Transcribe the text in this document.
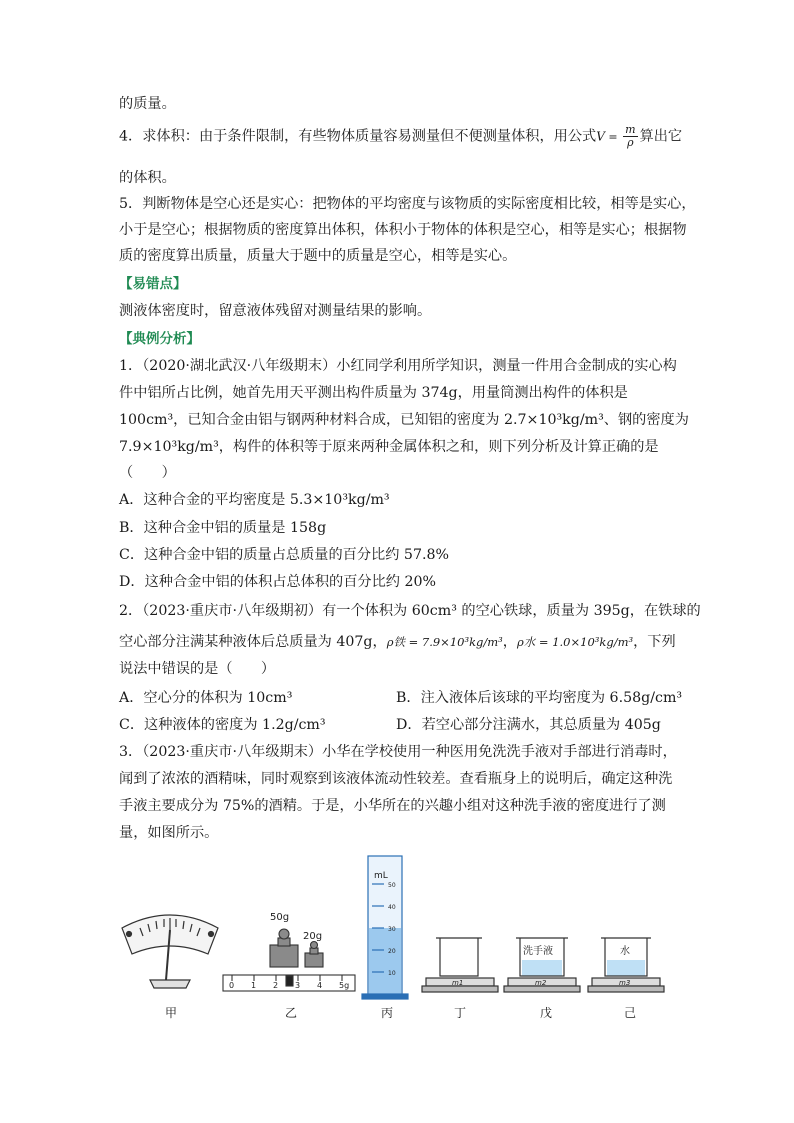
的质量。
4．求体积：由于条件限制，有些物体质量容易测量但不便测量体积，用公式$V = \frac{m}{\rho}$ 算出它
的体积。
5．判断物体是空心还是实心：把物体的平均密度与该物质的实际密度相比较，相等是实心，
小于是空心；根据物质的密度算出体积，体积小于物体的体积是空心，相等是实心；根据物
质的密度算出质量，质量大于题中的质量是空心，相等是实心。
【易错点】
测液体密度时，留意液体残留对测量结果的影响。
【典例分析】
1．（2020·湖北武汉·八年级期末）小红同学利用所学知识，测量一件用合金制成的实心构
件中铝所占比例，她首先用天平测出构件质量为 374g，用量筒测出构件的体积是
100cm³，已知合金由铝与钢两种材料合成，已知铝的密度为 2.7×10³kg/m³、钢的密度为
7.9×10³kg/m³，构件的体积等于原来两种金属体积之和，则下列分析及计算正确的是
（　　）
A．这种合金的平均密度是 5.3×10³kg/m³
B．这种合金中铝的质量是 158g
C．这种合金中铝的质量占总质量的百分比约 57.8%
D．这种合金中铝的体积占总体积的百分比约 20%
2．（2023·重庆市·八年级期初）有一个体积为 60cm³ 的空心铁球，质量为 395g，在铁球的
空心部分注满某种液体后总质量为 407g，ρ铁 = 7.9×10³kg/m³，ρ水 = 1.0×10³kg/m³，下列
说法中错误的是（　　）
A．空心分的体积为 10cm³	B．注入液体后该球的平均密度为 6.58g/cm³
C．这种液体的密度为 1.2g/cm³	D．若空心部分注满水，其总质量为 405g
3．（2023·重庆市·八年级期末）小华在学校使用一种医用免洗洗手液对手部进行消毒时，
闻到了浓浓的酒精味，同时观察到该液体流动性较差。查看瓶身上的说明后，确定这种洗
手液主要成分为 75%的酒精。于是，小华所在的兴趣小组对这种洗手液的密度进行了测
量，如图所示。
50g
20g
0 1 2 3 4 5g
mL
50
40
30
20
10
洗手液	水
m1	m2	m3
甲	乙	丙	丁	戊	己
